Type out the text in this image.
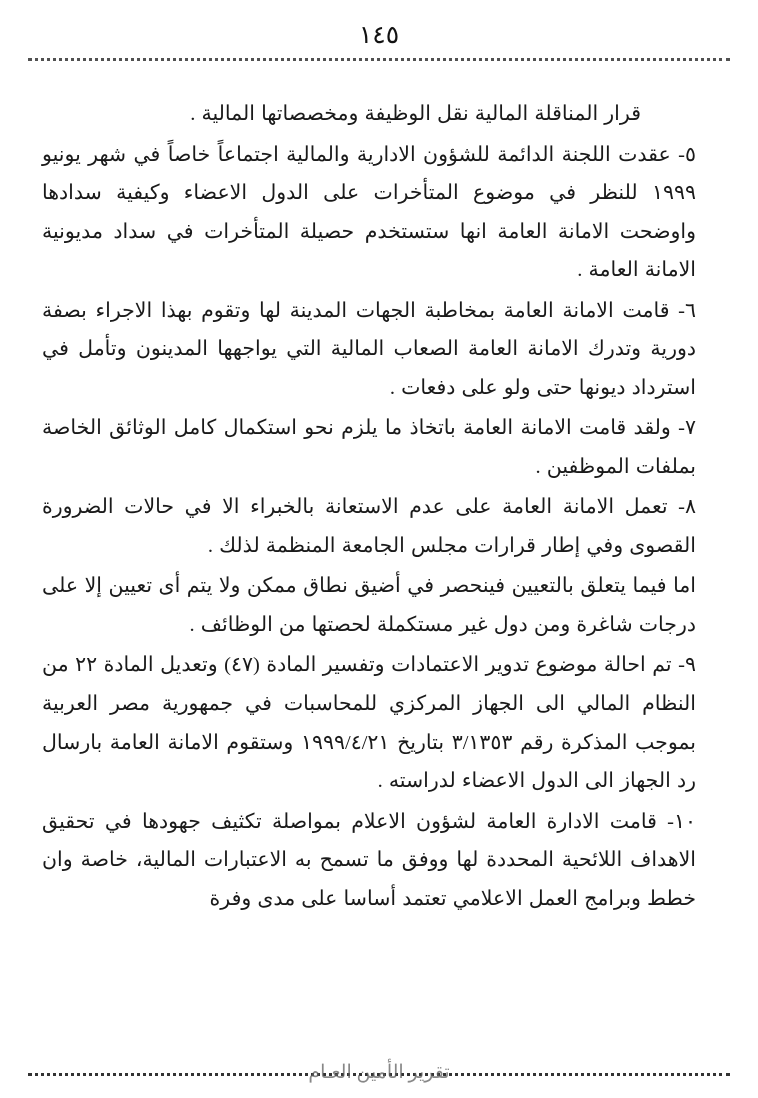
١٤٥

قرار المناقلة المالية نقل الوظيفة ومخصصاتها المالية .

٥- عقدت اللجنة الدائمة للشؤون الادارية والمالية اجتماعاً خاصاً في شهر يونيو ١٩٩٩ للنظر في موضوع المتأخرات على الدول الاعضاء وكيفية سدادها واوضحت الامانة العامة انها ستستخدم حصيلة المتأخرات في سداد مديونية الامانة العامة .

٦- قامت الامانة العامة بمخاطبة الجهات المدينة لها وتقوم بهذا الاجراء بصفة دورية وتدرك الامانة العامة الصعاب المالية التي يواجهها المدينون وتأمل في استرداد ديونها حتى ولو على دفعات .

٧- ولقد قامت الامانة العامة باتخاذ ما يلزم نحو استكمال كامل الوثائق الخاصة بملفات الموظفين .

٨- تعمل الامانة العامة على عدم الاستعانة بالخبراء الا في حالات الضرورة القصوى وفي إطار قرارات مجلس الجامعة المنظمة لذلك .

اما فيما يتعلق بالتعيين فينحصر في أضيق نطاق ممكن ولا يتم أى تعيين إلا على درجات شاغرة ومن دول غير مستكملة لحصتها من الوظائف .

٩- تم احالة موضوع تدوير الاعتمادات وتفسير المادة (٤٧) وتعديل المادة ٢٢ من النظام المالي الى الجهاز المركزي للمحاسبات في جمهورية مصر العربية بموجب المذكرة رقم ٣/١٣٥٣ بتاريخ ١٩٩٩/٤/٢١ وستقوم الامانة العامة بارسال رد الجهاز الى الدول الاعضاء لدراسته .

١٠- قامت الادارة العامة لشؤون الاعلام بمواصلة تكثيف جهودها في تحقيق الاهداف اللائحية المحددة لها ووفق ما تسمح به الاعتبارات المالية، خاصة وان خطط وبرامج العمل الاعلامي تعتمد أساسا على مدى وفرة

تقرير الأمين العـام
